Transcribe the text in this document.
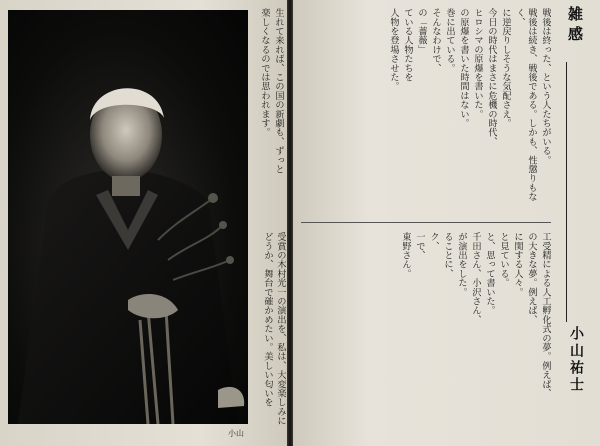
小山
生れて来れば、この国の新劇も、ずっと
楽しくなるのでは思われます。	戦後は終った、という人たちがいる。
戦後は続き、戦後である。しかも、性懲りもなく、
に逆戻りしそうな気配さえ。
今日の時代はまさに危機の時代、
ヒロシマの原爆を書いた。
の原爆を書いた時間はない。
巻に出ている。
そんなわけで、
の「薔薇」
ている人物たちを
人物を登場させた。
工受精による人工孵化式の夢。例えば、
の大きな夢。例えば、
に関する人々。
と見ている。
と、思って書いた。
千田さん、小沢さん、
が演出をした。
ることに、
ク、
一で、
東野さん。
受賞の木村光一の演出を、私は、大変楽しみに
どうか、舞台で確かめたい。美しい匂いを
雑感
小山祐士
